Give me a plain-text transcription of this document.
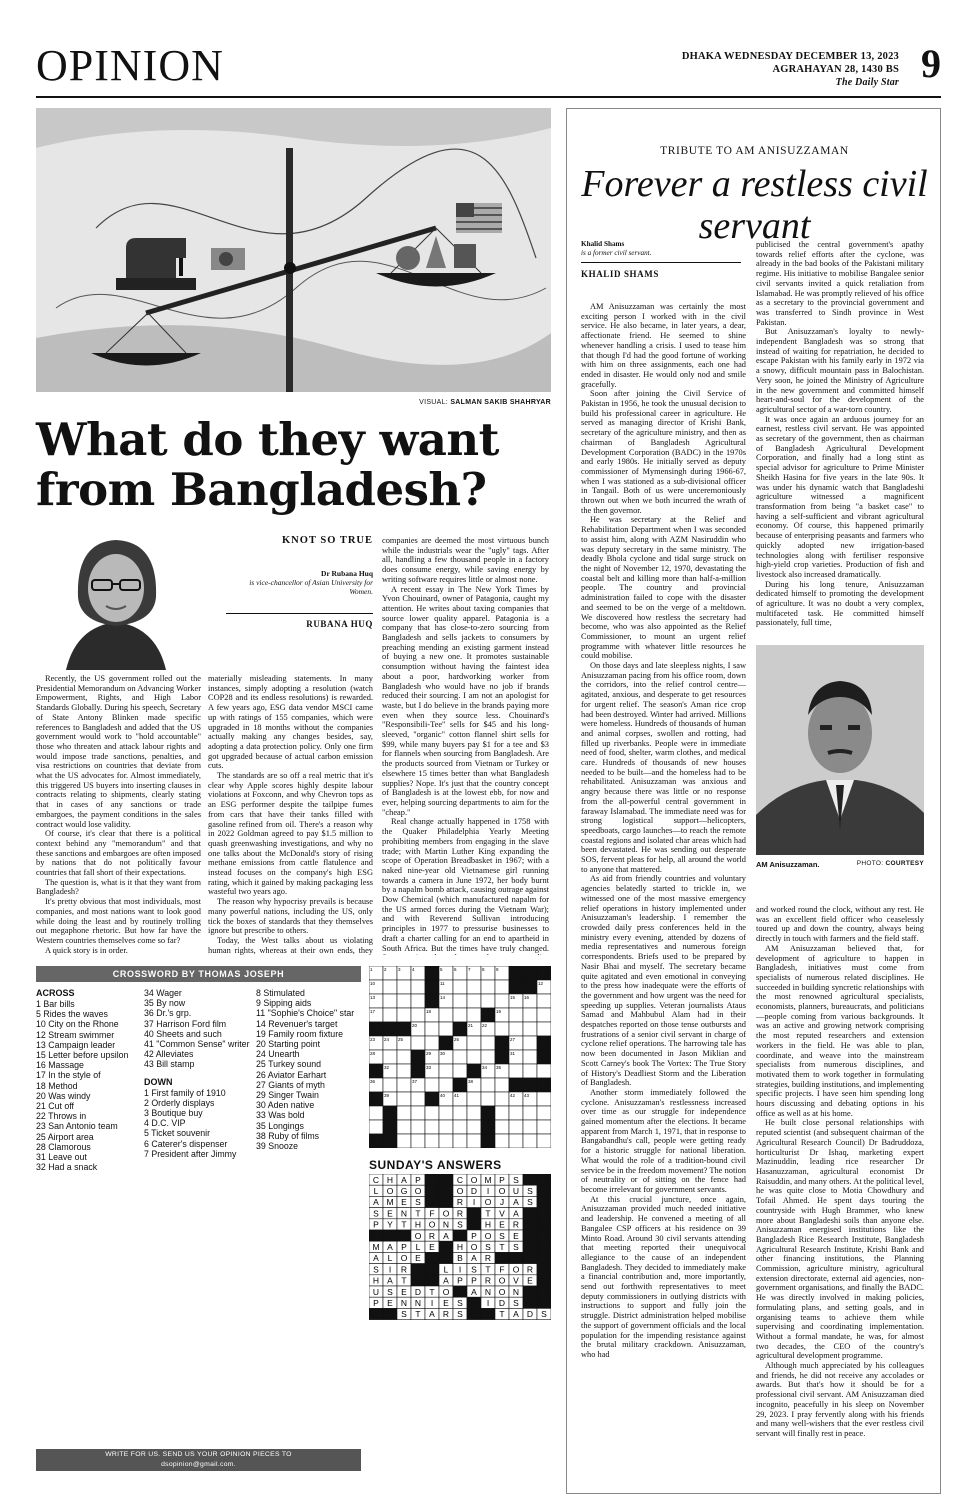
OPINION	DHAKA WEDNESDAY DECEMBER 13, 2023
AGRAHAYAN 28, 1430 BS
The Daily Star 9
VISUAL: SALMAN SAKIB SHAHRYAR
What do they want from Bangladesh?
KNOT SO TRUE
Dr Rubana Huq
is vice-chancellor of Asian University for Women.
RUBANA HUQ

Recently, the US government rolled out the Presidential Memorandum on Advancing Worker Empowerment, Rights, and High Labor Standards Globally. During his speech, Secretary of State Antony Blinken made specific references to Bangladesh and added that the US government would work to "hold accountable" those who threaten and attack labour rights and would impose trade sanctions, penalties, and visa restrictions on countries that deviate from what the US advocates for. Almost immediately, this triggered US buyers into inserting clauses in contracts relating to shipments, clearly stating that in cases of any sanctions or trade embargoes, the payment conditions in the sales contract would lose validity.

Of course, it's clear that there is a political context behind any "memorandum" and that these sanctions and embargoes are often imposed by nations that do not politically favour countries that fall short of their expectations.

The question is, what is it that they want from Bangladesh?

It's pretty obvious that most individuals, most companies, and most nations want to look good while doing the least and by routinely trolling out megaphone rhetoric. But how far have the Western countries themselves come so far?

A quick story is in order.

materially misleading statements. In many instances, simply adopting a resolution (watch COP28 and its endless resolutions) is rewarded. A few years ago, ESG data vendor MSCI came up with ratings of 155 companies, which were upgraded in 18 months without the companies actually making any changes besides, say, adopting a data protection policy. Only one firm got upgraded because of actual carbon emission cuts.

The standards are so off a real metric that it's clear why Apple scores highly despite labour violations at Foxconn, and why Chevron tops as an ESG performer despite the tailpipe fumes from cars that have their tanks filled with gasoline refined from oil. There's a reason why in 2022 Goldman agreed to pay $1.5 million to quash greenwashing investigations, and why no one talks about the McDonald's story of rising methane emissions from cattle flatulence and instead focuses on the company's high ESG rating, which it gained by making packaging less wasteful two years ago.

The reason why hypocrisy prevails is because many powerful nations, including the US, only tick the boxes of standards that they themselves ignore but prescribe to others.

Today, the West talks about us violating human rights, whereas at their own ends, they

companies are deemed the most virtuous bunch while the industrials wear the "ugly" tags. After all, handling a few thousand people in a factory does consume energy, while saving energy by writing software requires little or almost none.

A recent essay in The New York Times by Yvon Chouinard, owner of Patagonia, caught my attention. He writes about taxing companies that source lower quality apparel. Patagonia is a company that has close-to-zero sourcing from Bangladesh and sells jackets to consumers by preaching mending an existing garment instead of buying a new one. It promotes sustainable consumption without having the faintest idea about a poor, hardworking worker from Bangladesh who would have no job if brands reduced their sourcing. I am not an apologist for waste, but I do believe in the brands paying more even when they source less. Chouinard's "Responsibili-Tee" sells for $45 and his long-sleeved, "organic" cotton flannel shirt sells for $99, while many buyers pay $1 for a tee and $3 for flannels when sourcing from Bangladesh. Are the products sourced from Vietnam or Turkey or elsewhere 15 times better than what Bangladesh supplies? Nope. It's just that the country concept of Bangladesh is at the lowest ebb, for now and ever, helping sourcing departments to aim for the "cheap."

Real change actually happened in 1758 with the Quaker Philadelphia Yearly Meeting prohibiting members from engaging in the slave trade; with Martin Luther King expanding the scope of Operation Breadbasket in 1967; with a naked nine-year old Vietnamese girl running towards a camera in June 1972, her body burnt by a napalm bomb attack, causing outrage against Dow Chemical (which manufactured napalm for the US armed forces during the Vietnam War); and with Reverend Sullivan introducing principles in 1977 to pressurise businesses to draft a charter calling for an end to apartheid in South Africa. But the times have truly changed.

CROSSWORD BY THOMAS JOSEPH
ACROSS
1 Bar bills
5 Rides the waves
10 City on the Rhone
12 Stream swimmer
13 Campaign leader
15 Letter before upsilon
16 Massage
17 In the style of
18 Method
20 Was windy
21 Cut off
22 Throws in
23 San Antonio team
25 Airport area
28 Clamorous
31 Leave out
32 Had a snack
34 Wager
35 By now
36 Dr.'s grp.
37 Harrison Ford film
40 Sheets and such
41 "Common Sense" writer
42 Alleviates
43 Bill stamp
DOWN
1 First family of 1910
2 Orderly displays
3 Boutique buy
4 D.C. VIP
5 Ticket souvenir
6 Caterer's dispenser
7 President after Jimmy
8 Stimulated
9 Sipping aids
11 "Sophie's Choice" star
14 Revenuer's target
19 Family room fixture
20 Starting point
24 Unearth
25 Turkey sound
26 Aviator Earhart
27 Giants of myth
29 Singer Twain
30 Aden native
33 Was bold
35 Longings
38 Ruby of films
39 Snooze
WRITE FOR US. SEND US YOUR OPINION PIECES TO
dsopinion@gmail.com.
1	2	3	4	5	6	7	8	9
10	11	12
13	14	15 16
17	18	19
20	21 22
23 24 25	26	27
28	29 30	31
32	33	34 35
36	37	38
39	40 41	42 43
SUNDAY'S ANSWERS
C H A P	C O M P S
L O G O	O D I O U S
A M E S	R I O J A S
S E N T F O R	T V A
P Y T H O N S	H E R
O R A	P O S E
M A P L E	H O S T S
A L O E	B A R
S I R	L I S T F O R
H A T	A P P R O V E
U S E D T O	A N O N
P E N N I E S	I D S
S T A R S	T A D S
TRIBUTE TO AM ANISUZZAMAN
Forever a restless civil servant
Khalid Shams
is a former civil servant.
KHALID SHAMS

AM Anisuzzaman was certainly the most exciting person I worked with in the civil service. He also became, in later years, a dear, affectionate friend. He seemed to shine whenever handling a crisis. I used to tease him that though I'd had the good fortune of working with him on three assignments, each one had ended in disaster. He would only nod and smile gracefully.

Soon after joining the Civil Service of Pakistan in 1956, he took the unusual decision to build his professional career in agriculture. He served as managing director of Krishi Bank, secretary of the agriculture ministry, and then as chairman of Bangladesh Agricultural Development Corporation (BADC) in the 1970s and early 1980s. He initially served as deputy commissioner of Mymensingh during 1966-67, when I was stationed as a sub-divisional officer in Tangail. Both of us were unceremoniously thrown out when we both incurred the wrath of the then governor.

He was secretary at the Relief and Rehabilitation Department when I was seconded to assist him, along with AZM Nasiruddin who was deputy secretary in the same ministry. The deadly Bhola cyclone and tidal surge struck on the night of November 12, 1970, devastating the coastal belt and killing more than half-a-million people. The country and provincial administration failed to cope with the disaster and seemed to be on the verge of a meltdown. We discovered how restless the secretary had become, who was also appointed as the Relief Commissioner, to mount an urgent relief programme with whatever little resources he could mobilise.

On those days and late sleepless nights, I saw Anisuzzaman pacing from his office room, down the corridors, into the relief control centre—agitated, anxious, and desperate to get resources for urgent relief. The season's Aman rice crop had been destroyed. Winter had arrived. Millions were homeless. Hundreds of thousands of human and animal corpses, swollen and rotting, had filled up riverbanks. People were in immediate need of food, shelter, warm clothes, and medical care. Hundreds of thousands of new houses needed to be built—and the homeless had to be rehabilitated. Anisuzzaman was anxious and angry because there was little or no response from the all-powerful central government in faraway Islamabad. The immediate need was for strong logistical support—helicopters, speedboats, cargo launches—to reach the remote coastal regions and isolated char areas which had been devastated. He was sending out desperate SOS, fervent pleas for help, all around the world to anyone that mattered.

As aid from friendly countries and voluntary agencies belatedly started to trickle in, we witnessed one of the most massive emergency relief operations in history implemented under Anisuzzaman's leadership. I remember the crowded daily press conferences held in the ministry every evening, attended by dozens of media representatives and numerous foreign correspondents. Briefs used to be prepared by Nasir Bhai and myself. The secretary became quite agitated and even emotional in conveying to the press how inadequate were the efforts of the government and how urgent was the need for speeding up supplies. Veteran journalists Ataus Samad and Mahbubul Alam had in their despatches reported on those tense outbursts and frustrations of a senior civil servant in charge of cyclone relief operations. The harrowing tale has now been documented in Jason Miklian and Scott Carney's book The Vortex: The True Story of History's Deadliest Storm and the Liberation of Bangladesh.

Another storm immediately followed the cyclone. Anisuzzaman's restlessness increased over time as our struggle for independence gained momentum after the elections. It became apparent from March 1, 1971, that in response to Bangabandhu's call, people were getting ready for a historic struggle for national liberation. What would the role of a tradition-bound civil service be in the freedom movement? The notion of neutrality or of sitting on the fence had become irrelevant for government servants.

At this crucial juncture, once again, Anisuzzaman provided much needed initiative and leadership. He convened a meeting of all Bangalee CSP officers at his residence on 39 Minto Road. Around 30 civil servants attending that meeting reported their unequivocal allegiance to the cause of an independent Bangladesh. They decided to immediately make a financial contribution and, more importantly, send out forthwith representatives to meet deputy commissioners in outlying districts with instructions to support and fully join the struggle. District administration helped mobilise the support of government officials and the local population for the impending resistance against the brutal military crackdown. Anisuzzaman, who had

publicised the central government's apathy towards relief efforts after the cyclone, was already in the bad books of the Pakistani military regime. His initiative to mobilise Bangalee senior civil servants invited a quick retaliation from Islamabad. He was promptly relieved of his office as a secretary to the provincial government and was transferred to Sindh province in West Pakistan.

But Anisuzzaman's loyalty to newly-independent Bangladesh was so strong that instead of waiting for repatriation, he decided to escape Pakistan with his family early in 1972 via a snowy, difficult mountain pass in Balochistan. Very soon, he joined the Ministry of Agriculture in the new government and committed himself heart-and-soul for the development of the agricultural sector of a war-torn country.

It was once again an arduous journey for an earnest, restless civil servant. He was appointed as secretary of the government, then as chairman of Bangladesh Agricultural Development Corporation, and finally had a long stint as special advisor for agriculture to Prime Minister Sheikh Hasina for five years in the late 90s. It was under his dynamic watch that Bangladeshi agriculture witnessed a magnificent transformation from being "a basket case" to having a self-sufficient and vibrant agricultural economy. Of course, this happened primarily because of enterprising peasants and farmers who quickly adopted new irrigation-based technologies along with fertiliser responsive high-yield crop varieties. Production of fish and livestock also increased dramatically.

During his long tenure, Anisuzzaman dedicated himself to promoting the development of agriculture. It was no doubt a very complex, multifaceted task. He committed himself passionately, full time,

AM Anisuzzaman.	PHOTO: COURTESY

and worked round the clock, without any rest. He was an excellent field officer who ceaselessly toured up and down the country, always being directly in touch with farmers and the field staff.

AM Anisuzzaman believed that, for development of agriculture to happen in Bangladesh, initiatives must come from specialists of numerous related disciplines. He succeeded in building syncretic relationships with the most renowned agricultural specialists, economists, planners, bureaucrats, and politicians—people coming from various backgrounds. It was an active and growing network comprising the most reputed researchers and extension workers in the field. He was able to plan, coordinate, and weave into the mainstream specialists from numerous disciplines, and motivated them to work together in formulating strategies, building institutions, and implementing specific projects. I have seen him spending long hours discussing and debating options in his office as well as at his home.

He built close personal relationships with reputed scientist (and subsequent chairman of the Agricultural Research Council) Dr Badruddoza, horticulturist Dr Ishaq, marketing expert Mazinuddin, leading rice researcher Dr Hasanuzzaman, agricultural economist Dr Raisuddin, and many others. At the political level, he was quite close to Motia Chowdhury and Tofail Ahmed. He spent days touring the countryside with Hugh Brammer, who knew more about Bangladeshi soils than anyone else. Anisuzzaman energised institutions like the Bangladesh Rice Research Institute, Bangladesh Agricultural Research Institute, Krishi Bank and other financing institutions, the Planning Commission, agriculture ministry, agricultural extension directorate, external aid agencies, non-government organisations, and finally the BADC. He was directly involved in making policies, formulating plans, and setting goals, and in organising teams to achieve them while supervising and coordinating implementation. Without a formal mandate, he was, for almost two decades, the CEO of the country's agricultural development programme.

Although much appreciated by his colleagues and friends, he did not receive any accolades or awards. But that's how it should be for a professional civil servant. AM Anisuzzaman died incognito, peacefully in his sleep on November 29, 2023. I pray fervently along with his friends and many well-wishers that the ever restless civil servant will finally rest in peace.
